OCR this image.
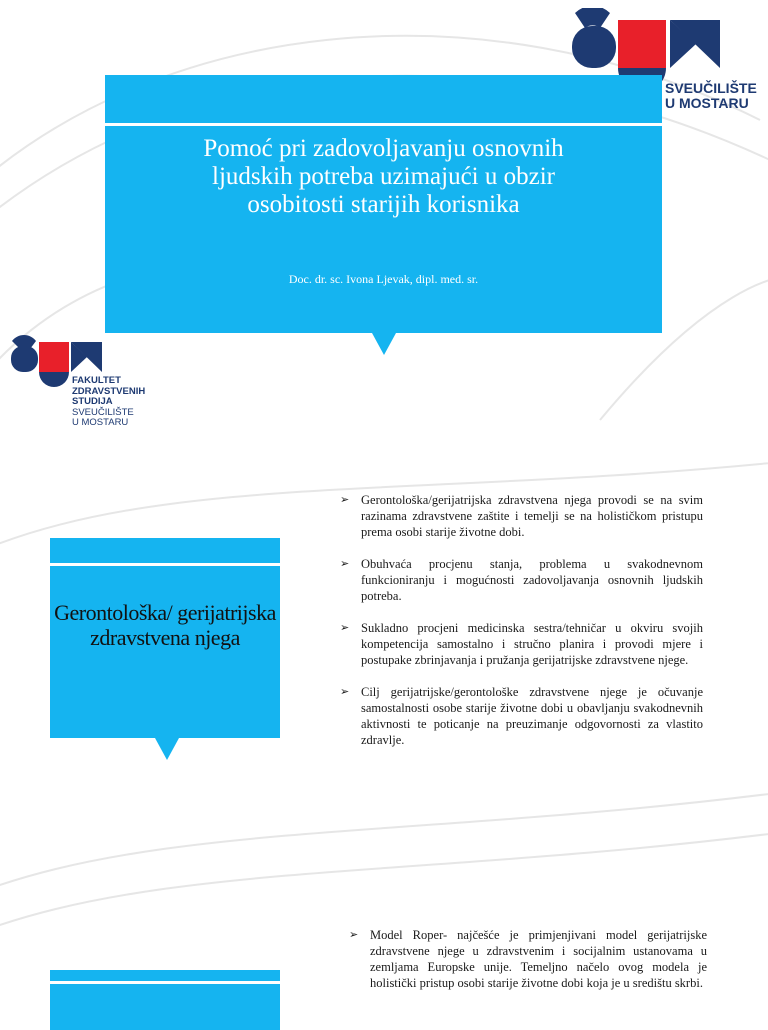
SVEUČILIŠTE
U MOSTARU
Pomoć pri zadovoljavanju osnovnih ljudskih potreba uzimajući u obzir osobitosti starijih korisnika
Doc. dr. sc. Ivona Ljevak, dipl. med. sr.
FAKULTET
ZDRAVSTVENIH
STUDIJA
SVEUČILIŠTE
U MOSTARU
Gerontološka/ gerijatrijska zdravstvena njega
➢ Gerontološka/gerijatrijska zdravstvena njega provodi se na svim razinama zdravstvene zaštite i temelji se na holističkom pristupu prema osobi starije životne dobi.
➢ Obuhvaća procjenu stanja, problema u svakodnevnom funkcioniranju i mogućnosti zadovoljavanja osnovnih ljudskih potreba.
➢ Sukladno procjeni medicinska sestra/tehničar u okviru svojih kompetencija samostalno i stručno planira i provodi mjere i postupake zbrinjavanja i pružanja gerijatrijske zdravstvene njege.
➢ Cilj gerijatrijske/gerontološke zdravstvene njege je očuvanje samostalnosti osobe starije životne dobi u obavljanju svakodnevnih aktivnosti te poticanje na preuzimanje odgovornosti za vlastito zdravlje.
➢ Model Roper- najčešće je primjenjivani model gerijatrijske zdravstvene njege u zdravstvenim i socijalnim ustanovama u zemljama Europske unije. Temeljno načelo ovog modela je holistički pristup osobi starije životne dobi koja je u središtu skrbi.
